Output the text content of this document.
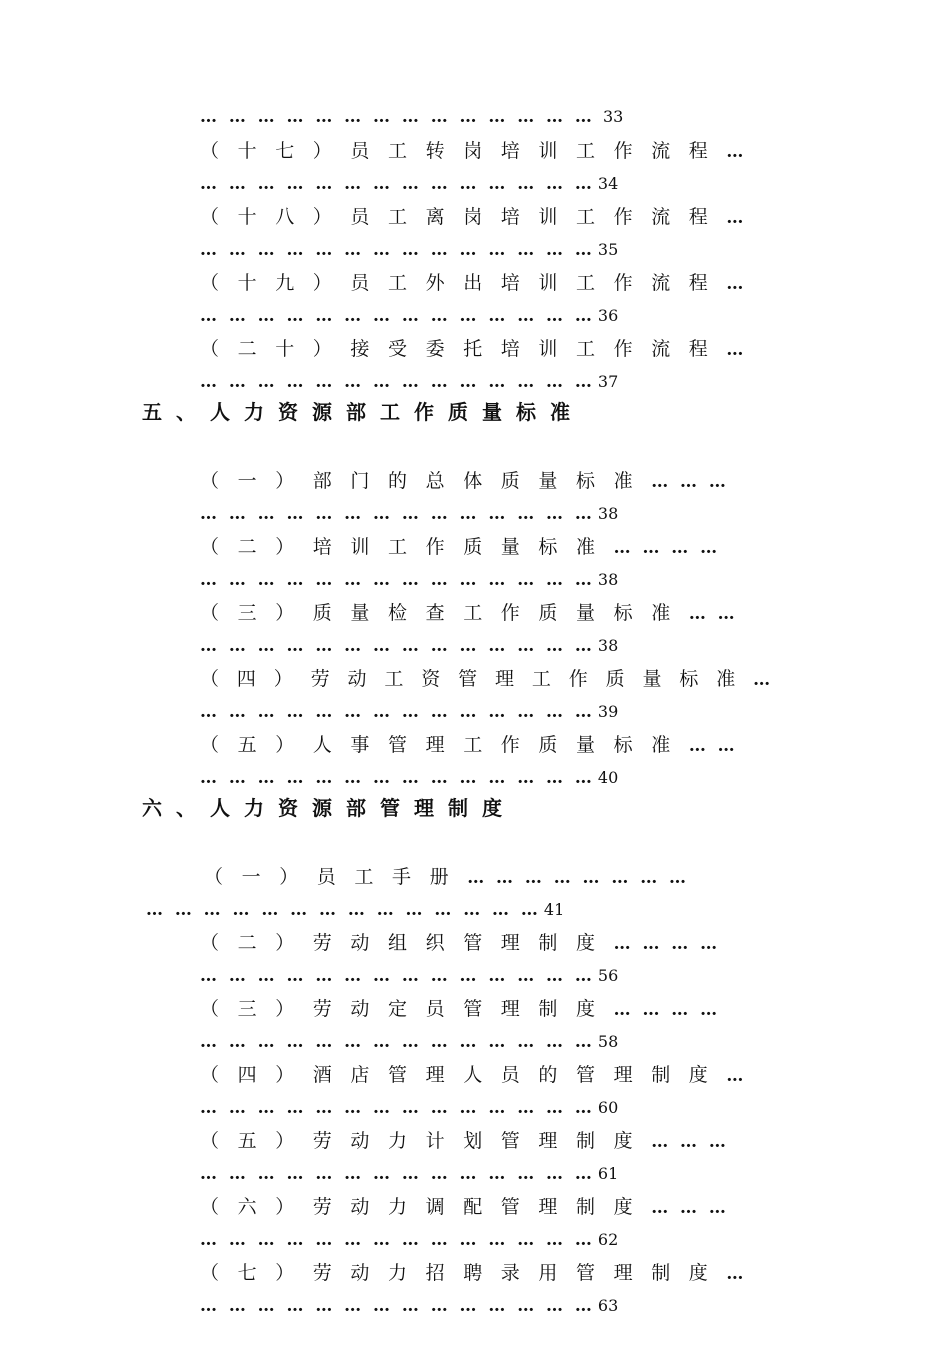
…  …  …  …  …  …  …  …  …  …  …  …  …  … 33
（十七）员工转岗培训工作流程…
…  …  …  …  …  …  …  …  …  …  …  …  …  … 34
（十八）员工离岗培训工作流程…
…  …  …  …  …  …  …  …  …  …  …  …  …  … 35
（十九）员工外出培训工作流程…
…  …  …  …  …  …  …  …  …  …  …  …  …  … 36
（二十）接受委托培训工作流程…
…  …  …  …  …  …  …  …  …  …  …  …  …  … 37
五、人力资源部工作质量标准
（一）部门的总体质量标准…  …  …
…  …  …  …  …  …  …  …  …  …  …  …  …  … 38
（二）培训工作质量标准…  …  …  …
…  …  …  …  …  …  …  …  …  …  …  …  …  … 38
（三）质量检查工作质量标准…  …
…  …  …  …  …  …  …  …  …  …  …  …  …  … 38
（四）劳动工资管理工作质量标准…
…  …  …  …  …  …  …  …  …  …  …  …  …  … 39
（五）人事管理工作质量标准…  …
…  …  …  …  …  …  …  …  …  …  …  …  …  … 40
六、人力资源部管理制度
（一）员工手册…  …  …  …  …  …  …  …
…  …  …  …  …  …  …  …  …  …  …  …  …  … 41
（二）劳动组织管理制度…  …  …  …
…  …  …  …  …  …  …  …  …  …  …  …  …  … 56
（三）劳动定员管理制度…  …  …  …
…  …  …  …  …  …  …  …  …  …  …  …  …  … 58
（四）酒店管理人员的管理制度…
…  …  …  …  …  …  …  …  …  …  …  …  …  … 60
（五）劳动力计划管理制度…  …  …
…  …  …  …  …  …  …  …  …  …  …  …  …  … 61
（六）劳动力调配管理制度…  …  …
…  …  …  …  …  …  …  …  …  …  …  …  …  … 62
（七）劳动力招聘录用管理制度…
…  …  …  …  …  …  …  …  …  …  …  …  …  … 63
